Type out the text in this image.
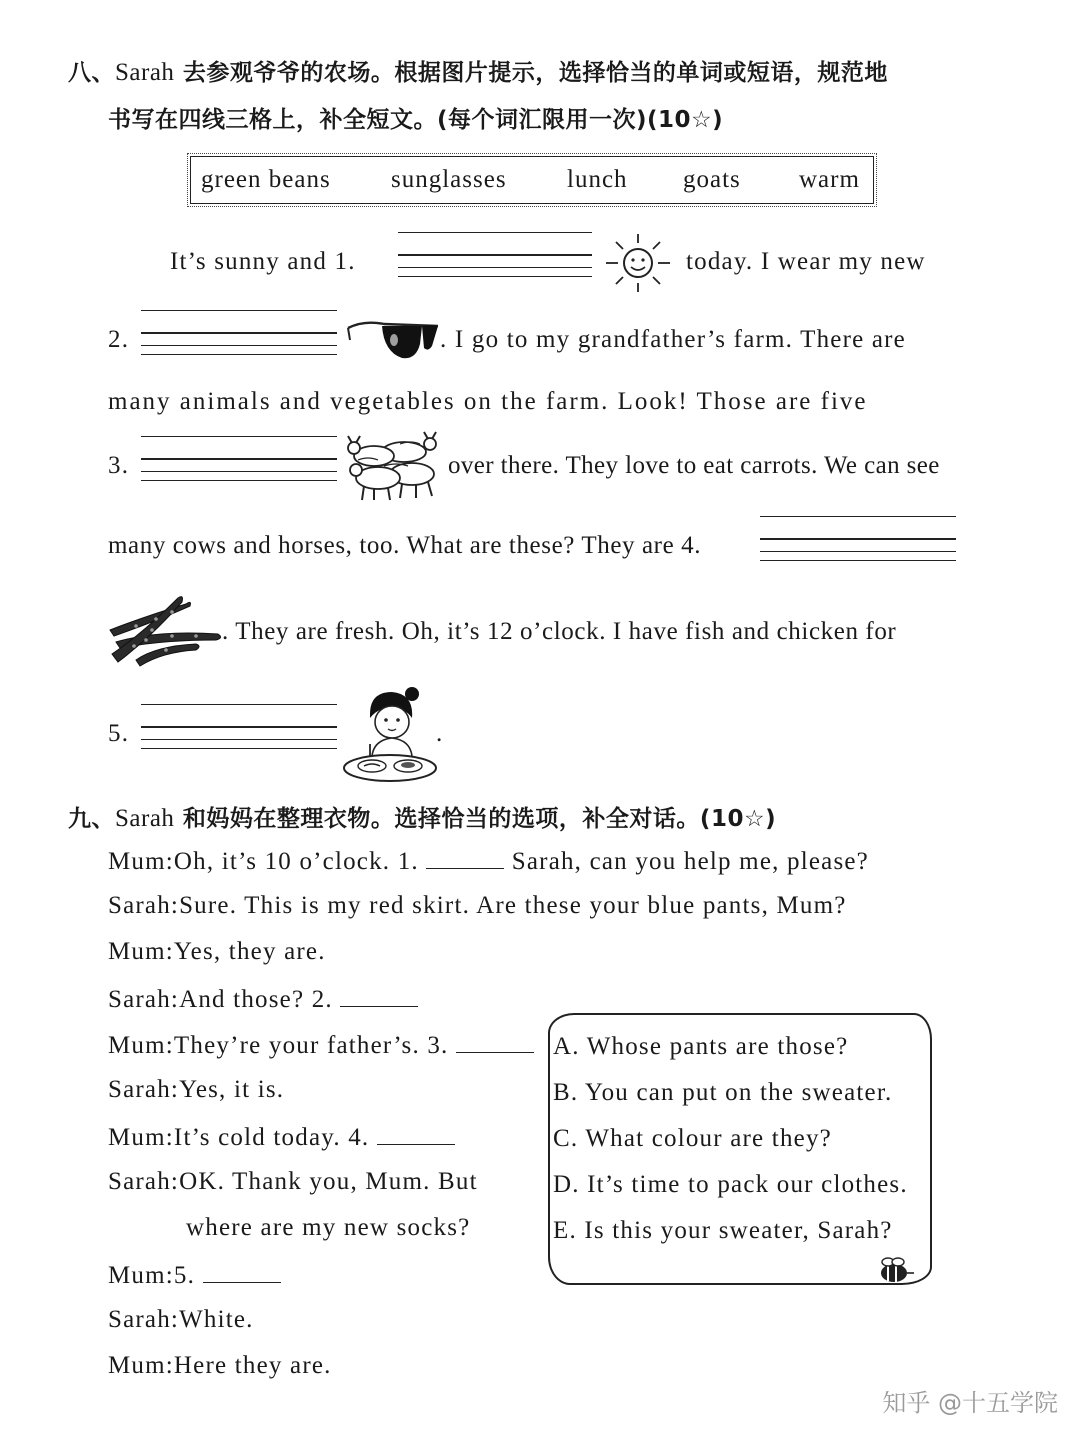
八、Sarah 去参观爷爷的农场。根据图片提示，选择恰当的单词或短语，规范地
书写在四线三格上，补全短文。(每个词汇限用一次)(10☆)
green beans sunglasses lunch goats warm
It’s sunny and 1.	today. I wear my new
2.	. I go to my grandfather’s farm. There are
many animals and vegetables on the farm. Look! Those are five
3.	over there. They love to eat carrots. We can see
many cows and horses, too. What are these? They are 4.
. They are fresh. Oh, it’s 12 o’clock. I have fish and chicken for
5.	.
九、Sarah 和妈妈在整理衣物。选择恰当的选项，补全对话。(10☆)
Mum:Oh, it’s 10 o’clock. 1.	Sarah, can you help me, please?
Sarah:Sure. This is my red skirt. Are these your blue pants, Mum?
Mum:Yes, they are.
Sarah:And those? 2.
Mum:They’re your father’s. 3.
Sarah:Yes, it is.
Mum:It’s cold today. 4.
Sarah:OK. Thank you, Mum. But
where are my new socks?
Mum:5.
Sarah:White.
Mum:Here they are.
A. Whose pants are those?
B. You can put on the sweater.
C. What colour are they?
D. It’s time to pack our clothes.
E. Is this your sweater, Sarah?
知乎 @十五学院
